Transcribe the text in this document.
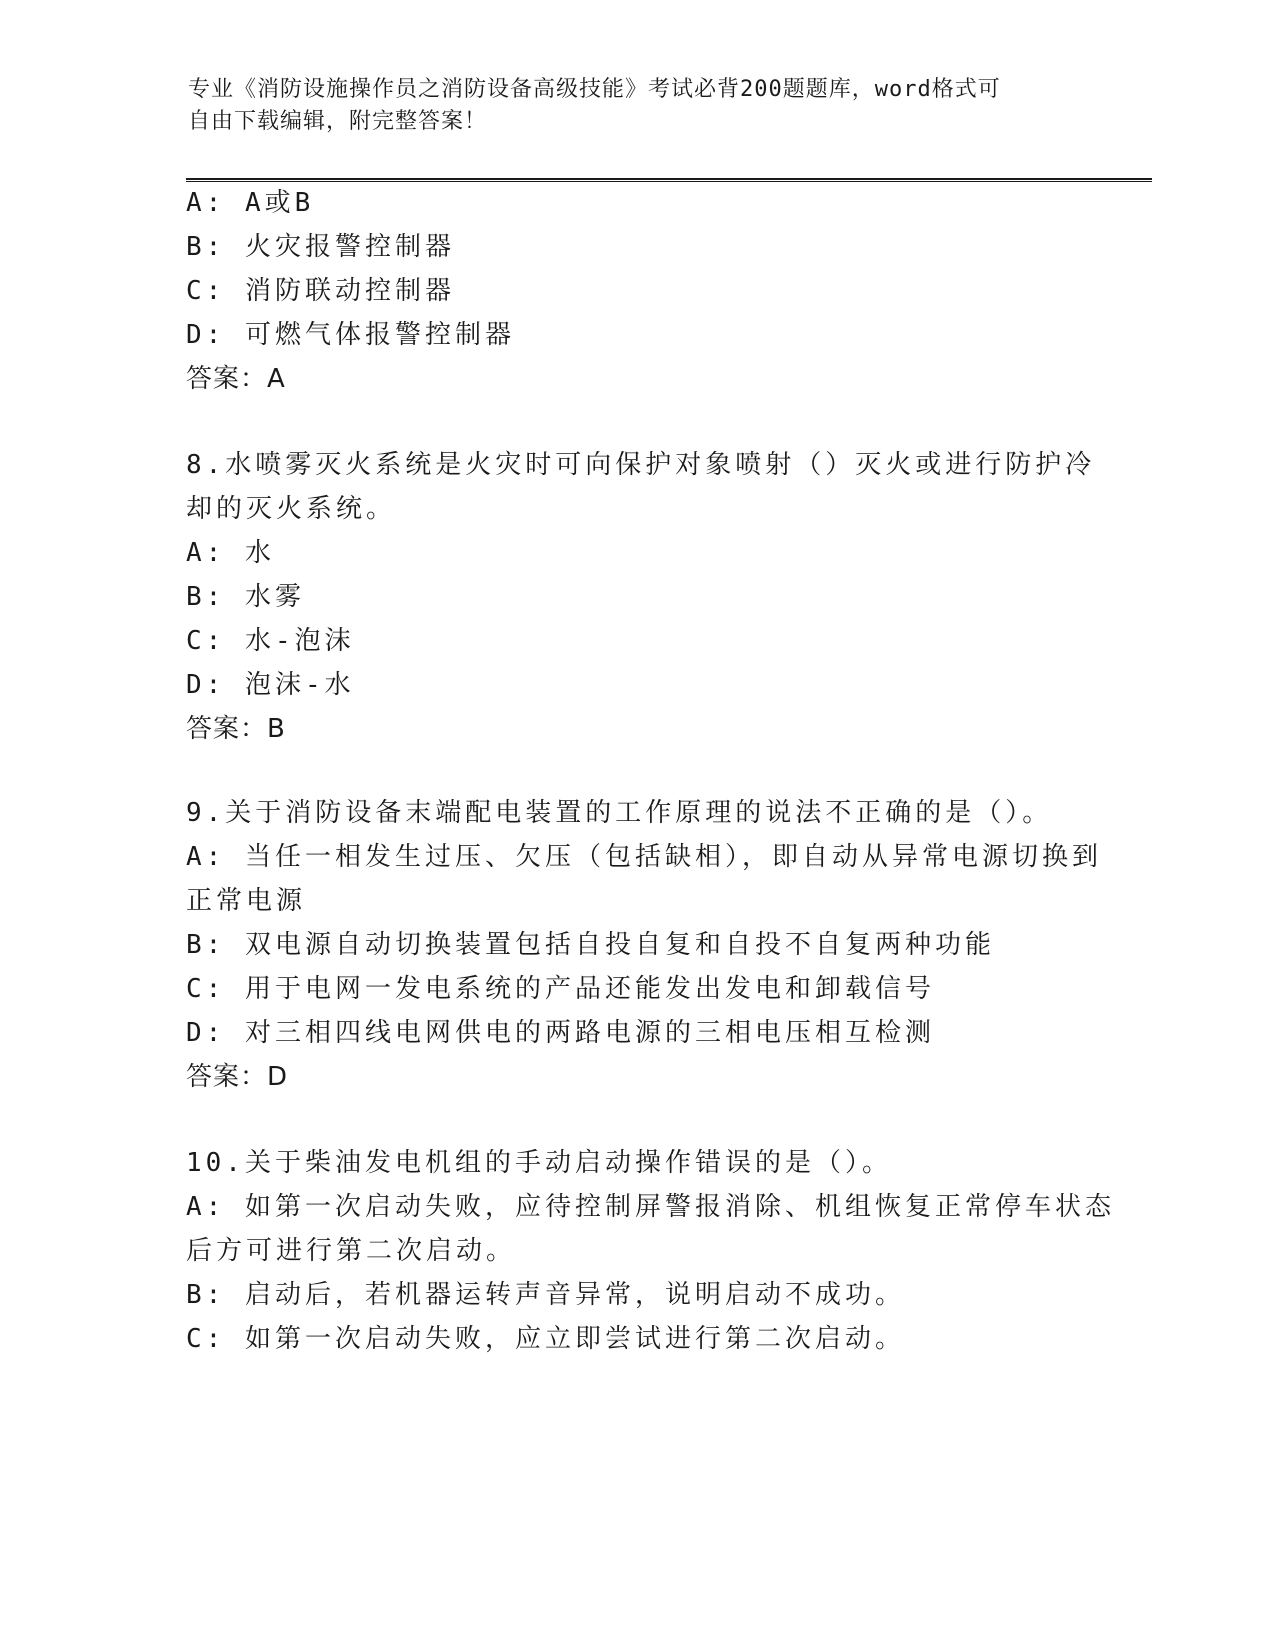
专业《消防设施操作员之消防设备高级技能》考试必背200题题库，word格式可
自由下载编辑，附完整答案！
A: A或B
B: 火灾报警控制器
C: 消防联动控制器
D: 可燃气体报警控制器
答案：A
8.水喷雾灭火系统是火灾时可向保护对象喷射（）灭火或进行防护冷
却的灭火系统。
A: 水
B: 水雾
C: 水-泡沫
D: 泡沫-水
答案：B
9.关于消防设备末端配电装置的工作原理的说法不正确的是（）。
A: 当任一相发生过压、欠压（包括缺相），即自动从异常电源切换到
正常电源
B: 双电源自动切换装置包括自投自复和自投不自复两种功能
C: 用于电网一发电系统的产品还能发出发电和卸载信号
D: 对三相四线电网供电的两路电源的三相电压相互检测
答案：D
10.关于柴油发电机组的手动启动操作错误的是（）。
A: 如第一次启动失败，应待控制屏警报消除、机组恢复正常停车状态
后方可进行第二次启动。
B: 启动后，若机器运转声音异常，说明启动不成功。
C: 如第一次启动失败，应立即尝试进行第二次启动。
